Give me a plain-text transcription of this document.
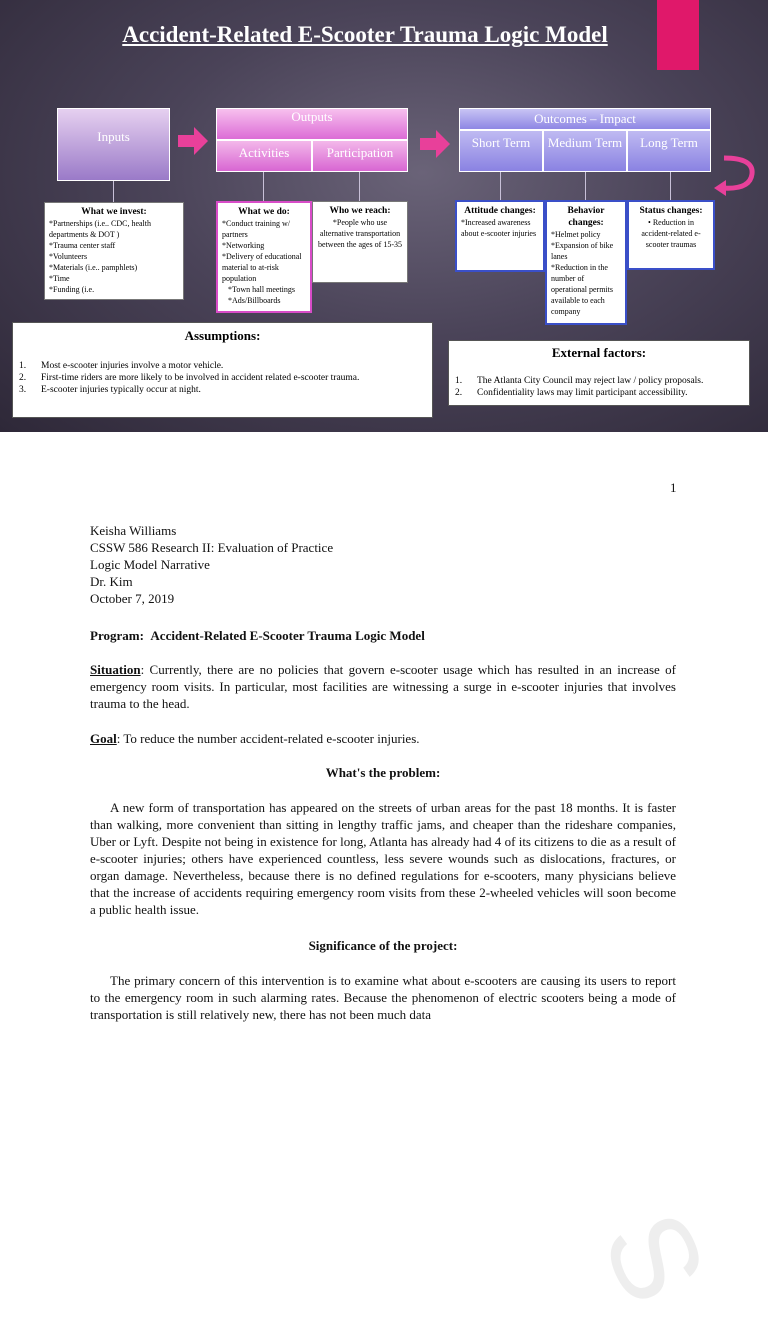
Accident-Related E-Scooter Trauma Logic Model
Inputs
Outputs
Activities	Participation
Outcomes – Impact
Short Term	Medium Term	Long Term
What we invest:
*Partnerships (i.e.. CDC, health departments & DOT )
*Trauma center staff
*Volunteers
*Materials (i.e.. pamphlets)
*Time
*Funding (i.e.
What we do:
*Conduct training w/ partners
*Networking
*Delivery of educational material to at-risk population
*Town hall meetings
*Ads/Billboards
Who we reach:
*People who use alternative transportation between the ages of 15-35
Attitude changes:
*Increased awareness about e-scooter injuries
Behavior changes:
*Helmet policy
*Expansion of bike lanes
*Reduction in the number of operational permits available to each company
Status changes:
• Reduction in accident-related e-scooter traumas
Assumptions:
1.	Most e-scooter injuries involve a motor vehicle.
2.	First-time riders are more likely to be involved in accident related e-scooter trauma.
3.	E-scooter injuries typically occur at night.
External factors:
1.	The Atlanta City Council may reject law / policy proposals.
2.	Confidentiality laws may limit participant accessibility.
S
1
Keisha Williams
CSSW 586 Research II: Evaluation of Practice
Logic Model Narrative
Dr. Kim
October 7, 2019
Program: Accident-Related E-Scooter Trauma Logic Model
Situation: Currently, there are no policies that govern e-scooter usage which has resulted in an increase of emergency room visits. In particular, most facilities are witnessing a surge in e-scooter injuries that involves trauma to the head.
Goal: To reduce the number accident-related e-scooter injuries.
What's the problem:
A new form of transportation has appeared on the streets of urban areas for the past 18 months. It is faster than walking, more convenient than sitting in lengthy traffic jams, and cheaper than the rideshare companies, Uber or Lyft. Despite not being in existence for long, Atlanta has already had 4 of its citizens to die as a result of e-scooter injuries; others have experienced countless, less severe wounds such as dislocations, fractures, or organ damage. Nevertheless, because there is no defined regulations for e-scooters, many physicians believe that the increase of accidents requiring emergency room visits from these 2-wheeled vehicles will soon become a public health issue.
Significance of the project:
The primary concern of this intervention is to examine what about e-scooters are causing its users to report to the emergency room in such alarming rates. Because the phenomenon of electric scooters being a mode of transportation is still relatively new, there has not been much data
